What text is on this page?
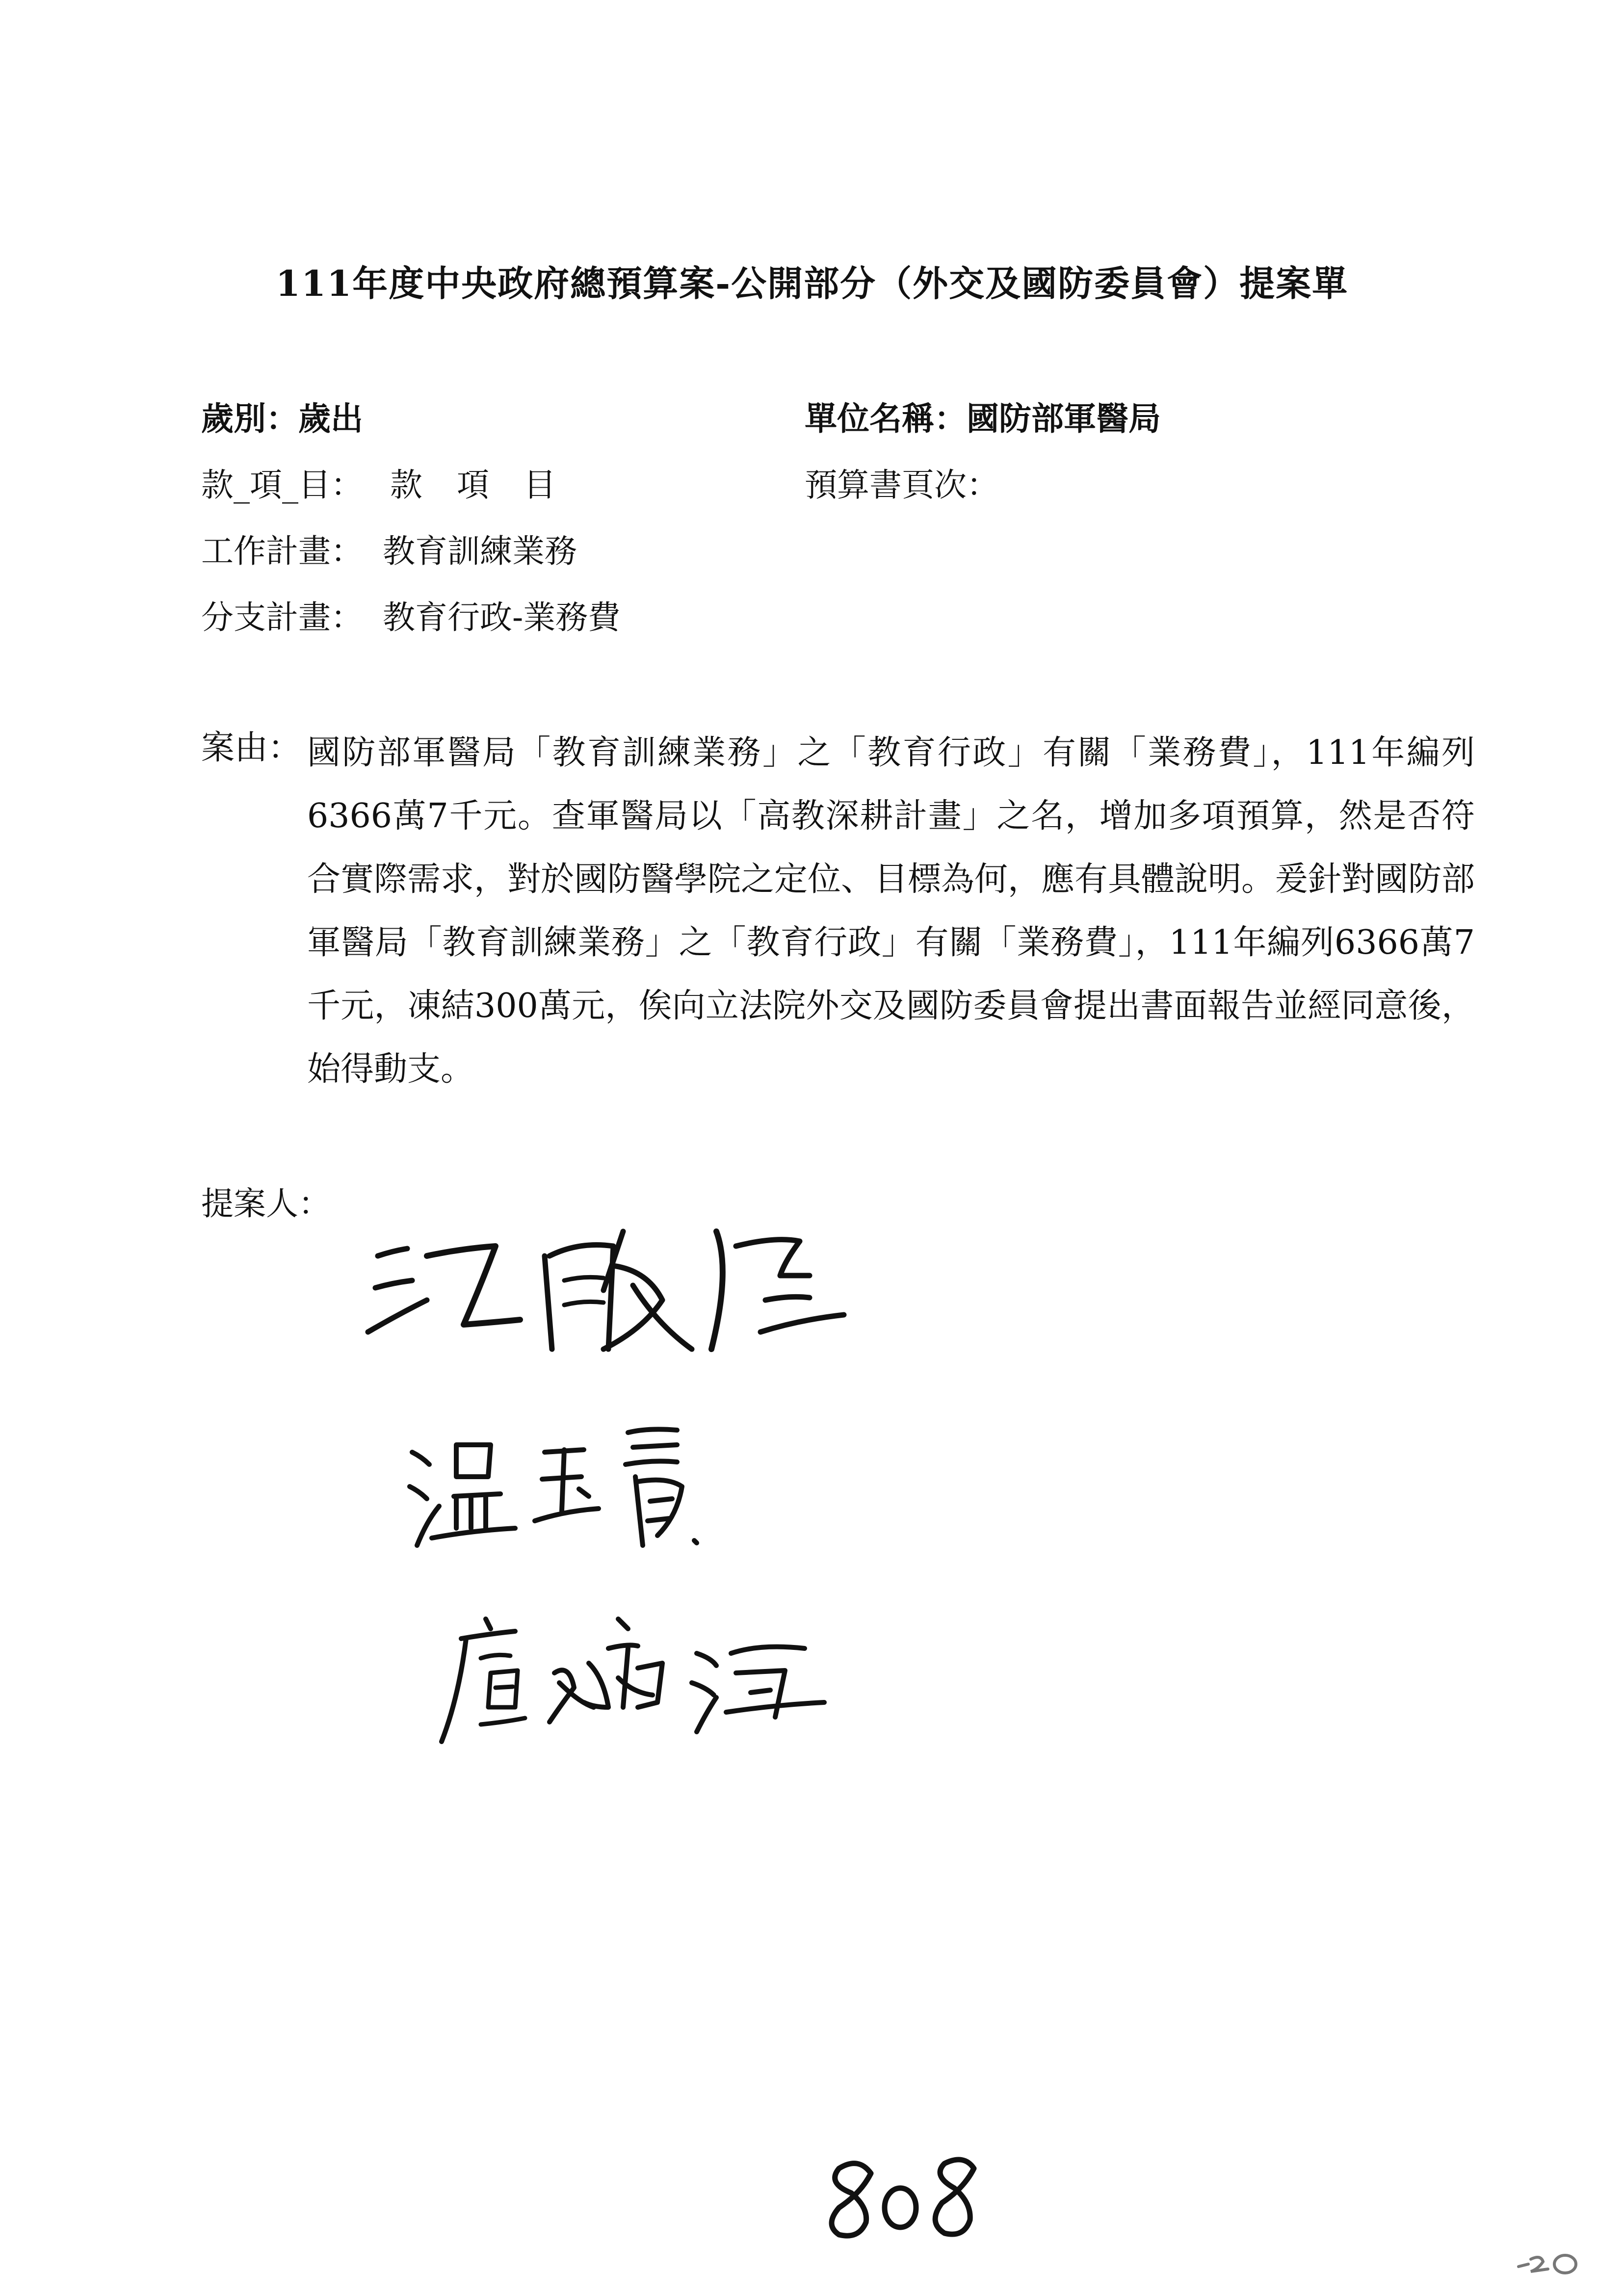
111年度中央政府總預算案-公開部分（外交及國防委員會）提案單
歲別：歲出	單位名稱：國防部軍醫局
款_項_目： 款 項 目	預算書頁次：
工作計畫： 教育訓練業務
分支計畫： 教育行政-業務費
案由： 國防部軍醫局「教育訓練業務」之「教育行政」有關「業務費」，111年編列6366萬7千元。查軍醫局以「高教深耕計畫」之名，增加多項預算，然是否符合實際需求，對於國防醫學院之定位、目標為何，應有具體說明。爰針對國防部軍醫局「教育訓練業務」之「教育行政」有關「業務費」，111年編列6366萬7千元，凍結300萬元，俟向立法院外交及國防委員會提出書面報告並經同意後，始得動支。
提案人：
